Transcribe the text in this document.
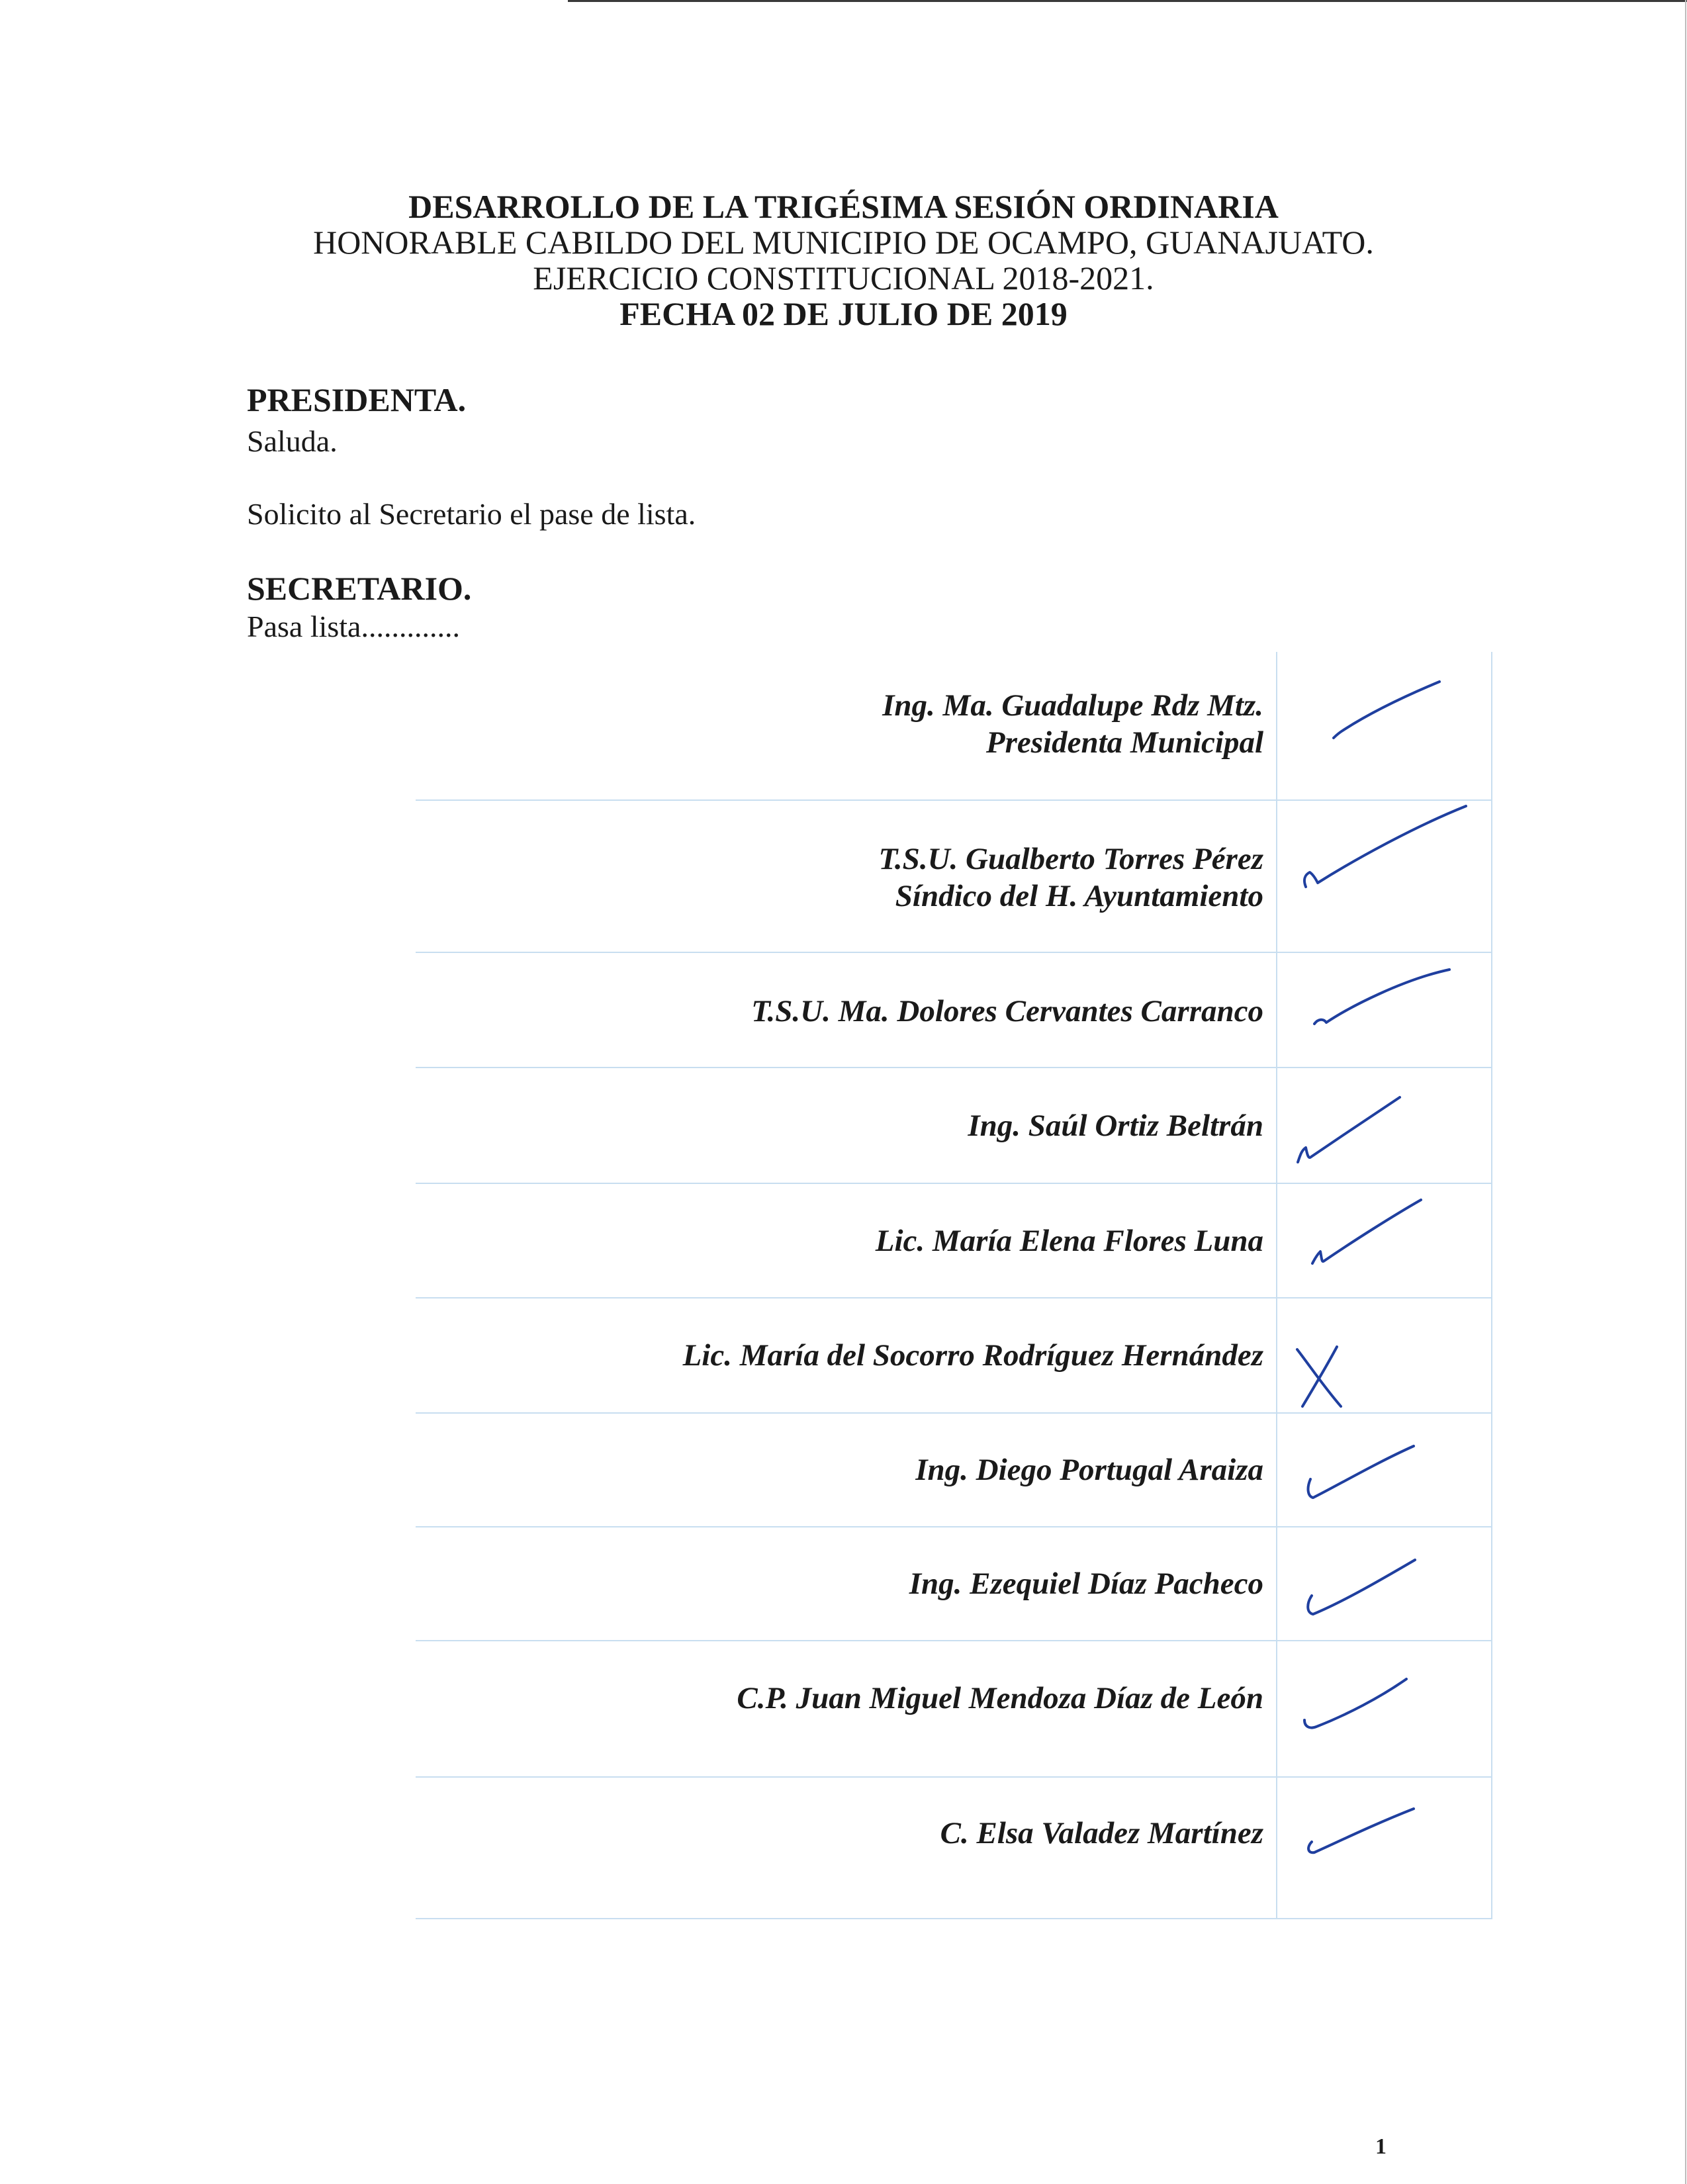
DESARROLLO DE LA TRIGÉSIMA SESIÓN ORDINARIA
HONORABLE CABILDO DEL MUNICIPIO DE OCAMPO, GUANAJUATO.
EJERCICIO CONSTITUCIONAL 2018-2021.
FECHA 02 DE JULIO DE 2019
PRESIDENTA.
Saluda.
Solicito al Secretario el pase de lista.
SECRETARIO.
Pasa lista.............
Ing. Ma. Guadalupe Rdz Mtz.
Presidenta Municipal
T.S.U. Gualberto Torres Pérez
Síndico del H. Ayuntamiento
T.S.U. Ma. Dolores Cervantes Carranco
Ing. Saúl Ortiz Beltrán
Lic. María Elena Flores Luna
Lic. María del Socorro Rodríguez Hernández
Ing. Diego Portugal Araiza
Ing. Ezequiel Díaz Pacheco
C.P. Juan Miguel Mendoza Díaz de León
C. Elsa Valadez Martínez
1
